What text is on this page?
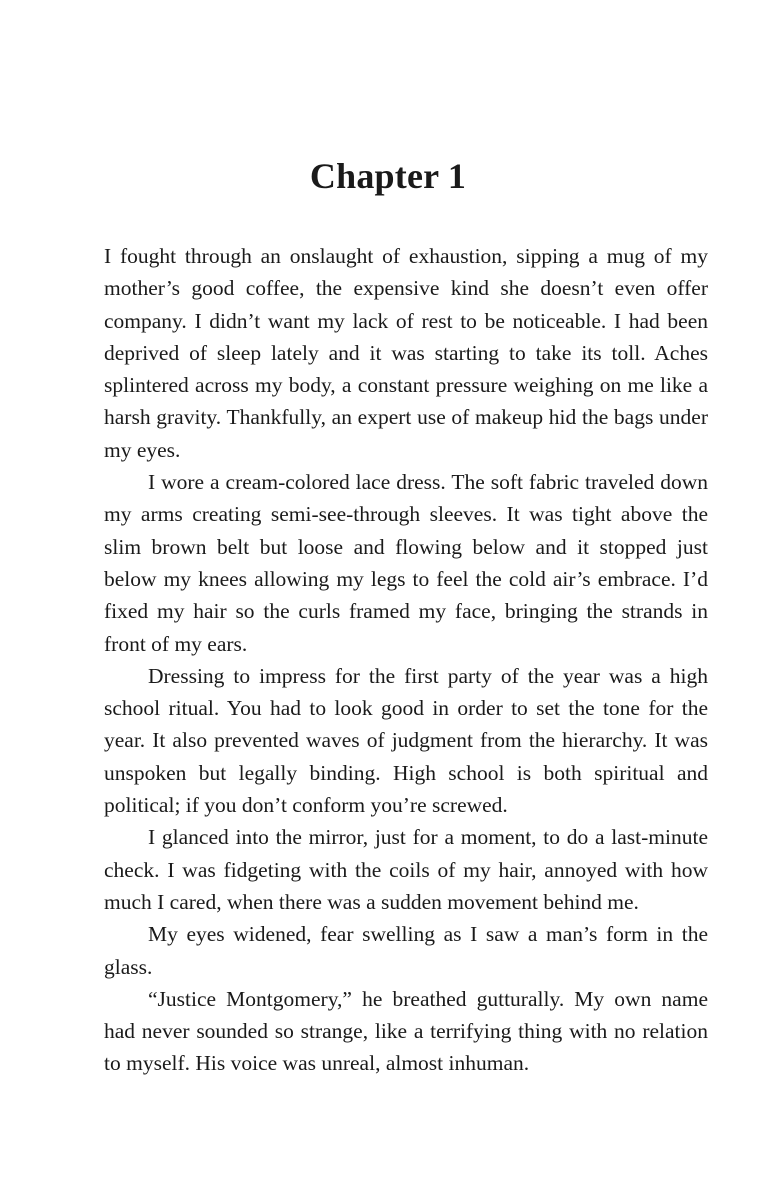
Chapter 1

I fought through an onslaught of exhaustion, sipping a mug of my mother’s good coffee, the expensive kind she doesn’t even offer company. I didn’t want my lack of rest to be noticeable. I had been deprived of sleep lately and it was starting to take its toll. Aches splintered across my body, a constant pressure weighing on me like a harsh gravity. Thankfully, an expert use of makeup hid the bags under my eyes.

I wore a cream-colored lace dress. The soft fabric traveled down my arms creating semi-see-through sleeves. It was tight above the slim brown belt but loose and flowing below and it stopped just below my knees allowing my legs to feel the cold air’s embrace. I’d fixed my hair so the curls framed my face, bringing the strands in front of my ears.

Dressing to impress for the first party of the year was a high school ritual. You had to look good in order to set the tone for the year. It also prevented waves of judgment from the hierarchy. It was unspoken but legally binding. High school is both spiritual and political; if you don’t conform you’re screwed.

I glanced into the mirror, just for a moment, to do a last-minute check. I was fidgeting with the coils of my hair, annoyed with how much I cared, when there was a sudden movement behind me.

My eyes widened, fear swelling as I saw a man’s form in the glass.

“Justice Montgomery,” he breathed gutturally. My own name had never sounded so strange, like a terrifying thing with no relation to myself. His voice was unreal, almost inhuman.
